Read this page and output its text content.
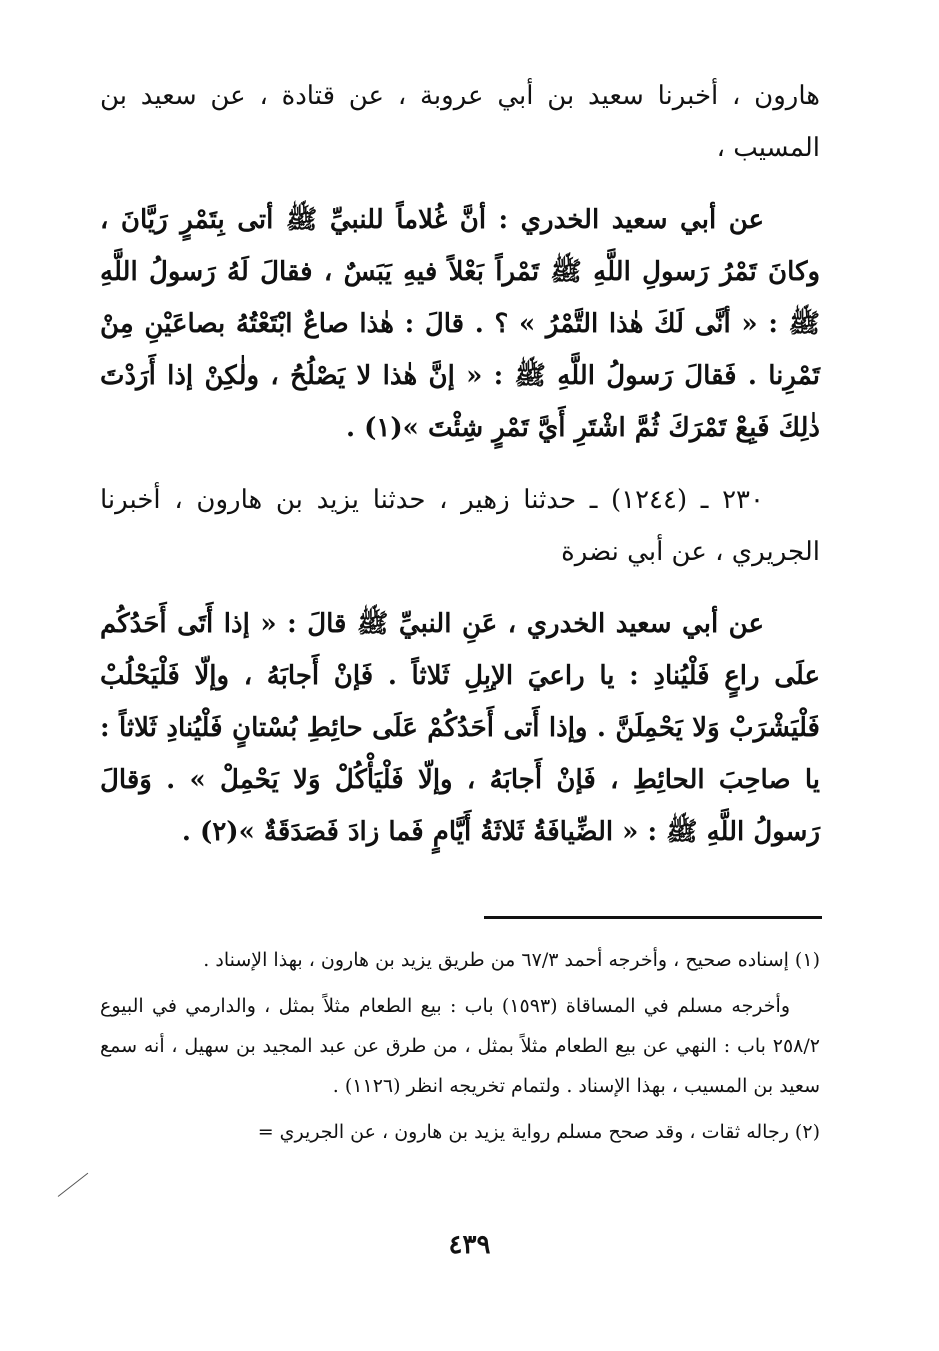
هارون ، أخبرنا سعيد بن أبي عروبة ، عن قتادة ، عن سعيد بن المسيب ،

عن أبي سعيد الخدري : أنَّ غُلاماً للنبيِّ ﷺ أتى بِتَمْرٍ رَيَّانَ ، وكانَ تَمْرُ رَسولِ اللَّهِ ﷺ تَمْراً بَعْلاً فيهِ يَبَسٌ ، فقالَ لَهُ رَسولُ اللَّهِ ﷺ : « أنَّى لَكَ هٰذا التَّمْرُ » ؟ . قالَ : هٰذا صاعٌ ابْتَعْتُهُ بصاعَيْنِ مِنْ تَمْرِنا . فَقالَ رَسولُ اللَّهِ ﷺ : « إنَّ هٰذا لا يَصْلُحُ ، ولٰكِنْ إذا أَرَدْتَ ذٰلِكَ فَبِعْ تَمْرَكَ ثُمَّ اشْتَرِ أَيَّ تَمْرٍ شِئْتَ »(١) .

٢٣٠ ـ (١٢٤٤) ـ حدثنا زهير ، حدثنا يزيد بن هارون ، أخبرنا الجريري ، عن أبي نضرة

عن أبي سعيد الخدري ، عَنِ النبيِّ ﷺ قالَ : « إذا أَتَى أَحَدُكُم علَى راعٍ فَلْيُنادِ : يا راعيَ الإبِلِ ثَلاثاً . فَإنْ أَجابَهُ ، وإلّا فَلْيَحْلُبْ فَلْيَشْرَبْ وَلا يَحْمِلَنَّ . وإذا أَتى أَحَدُكُمْ عَلَى حائِطِ بُسْتانٍ فَلْيُنادِ ثَلاثاً : يا صاحِبَ الحائِطِ ، فَإنْ أَجابَهُ ، وإلّا فَلْيَأْكُلْ وَلا يَحْمِلْ » . وَقالَ رَسولُ اللَّهِ ﷺ : « الضِّيافَةُ ثَلاثَةُ أَيَّامٍ فَما زادَ فَصَدَقَةٌ »(٢) .

(١) إسناده صحيح ، وأخرجه أحمد ٦٧/٣ من طريق يزيد بن هارون ، بهذا الإسناد .

وأخرجه مسلم في المساقاة (١٥٩٣) باب : بيع الطعام مثلاً بمثل ، والدارمي في البيوع ٢٥٨/٢ باب : النهي عن بيع الطعام مثلاً بمثل ، من طرق عن عبد المجيد بن سهيل ، أنه سمع سعيد بن المسيب ، بهذا الإسناد . ولتمام تخريجه انظر (١١٢٦) .

(٢) رجاله ثقات ، وقد صحح مسلم رواية يزيد بن هارون ، عن الجريري =

٤٣٩
